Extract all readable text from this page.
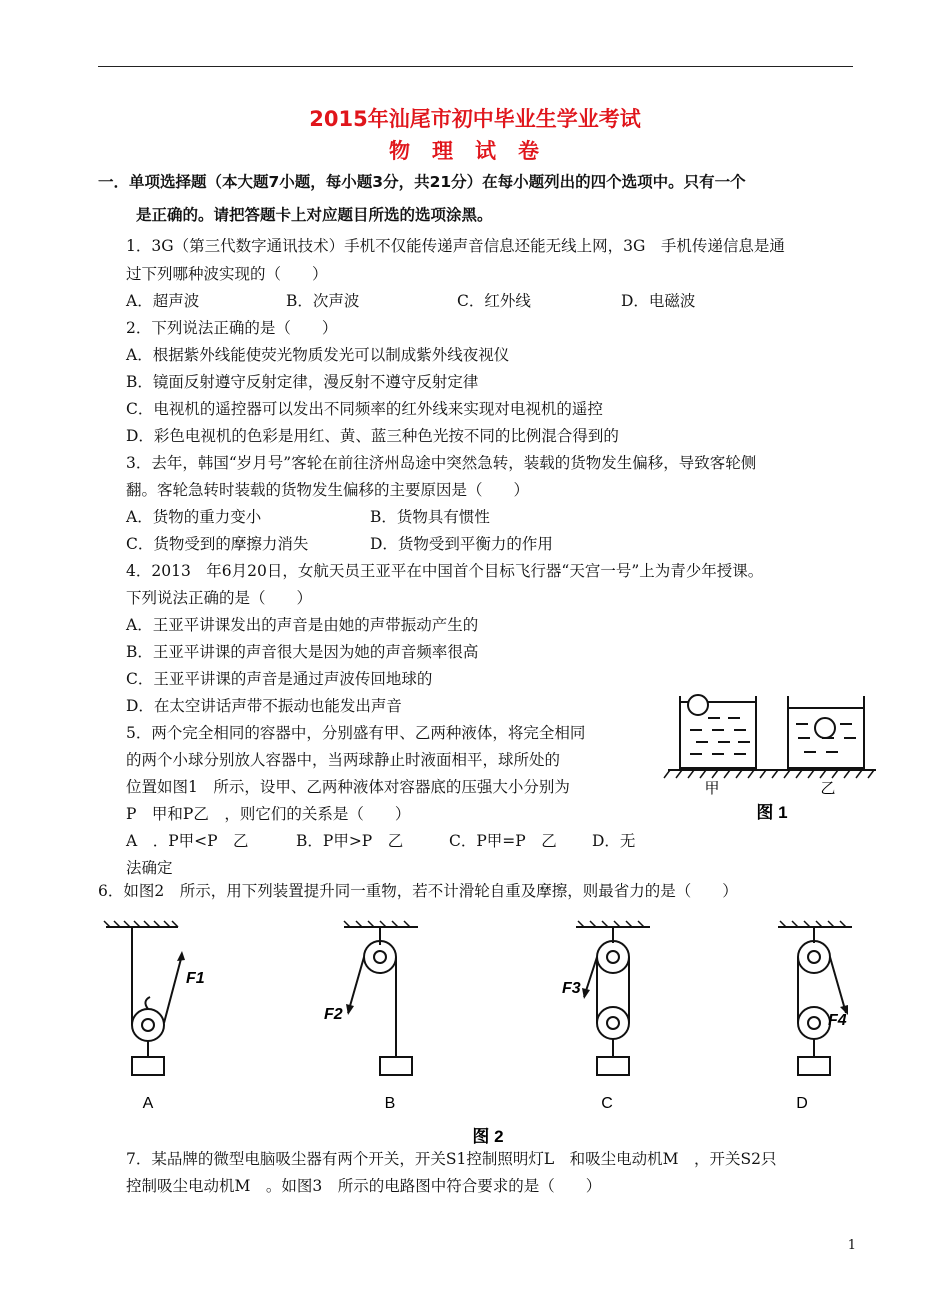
2015年汕尾市初中毕业生学业考试
物理试卷
一．单项选择题（本大题7小题，每小题3分，共21分）在每小题列出的四个选项中。只有一个
是正确的。请把答题卡上对应题目所选的选项涂黑。
1．3G（第三代数字通讯技术）手机不仅能传递声音信息还能无线上网，3G　手机传递信息是通
过下列哪种波实现的（　　）
A．超声波	B．次声波	C．红外线	D．电磁波
2．下列说法正确的是（　　）
A．根据紫外线能使荧光物质发光可以制成紫外线夜视仪
B．镜面反射遵守反射定律，漫反射不遵守反射定律
C．电视机的遥控器可以发出不同频率的红外线来实现对电视机的遥控
D．彩色电视机的色彩是用红、黄、蓝三种色光按不同的比例混合得到的
3．去年，韩国“岁月号”客轮在前往济州岛途中突然急转，装载的货物发生偏移，导致客轮侧
翻。客轮急转时装载的货物发生偏移的主要原因是（　　）
A．货物的重力变小	B．货物具有惯性
C．货物受到的摩擦力消失	D．货物受到平衡力的作用
4．2013　年6月20日，女航天员王亚平在中国首个目标飞行器“天宫一号”上为青少年授课。
下列说法正确的是（　　）
A．王亚平讲课发出的声音是由她的声带振动产生的
B．王亚平讲课的声音很大是因为她的声音频率很高
C．王亚平讲课的声音是通过声波传回地球的
D．在太空讲话声带不振动也能发出声音
5．两个完全相同的容器中，分别盛有甲、乙两种液体，将完全相同
的两个小球分别放人容器中，当两球静止时液面相平，球所处的
位置如图1　所示，设甲、乙两种液体对容器底的压强大小分别为
P　甲和P乙　，则它们的关系是（　　）
A　．P甲<P　乙	B．P甲>P　乙	C．P甲=P　乙 D．无
法确定
甲	乙
图 1
6．如图2　所示，用下列装置提升同一重物，若不计滑轮自重及摩擦，则最省力的是（　　）
F1
F2
F3
F4
A	B	C	D
图 2
7．某品牌的微型电脑吸尘器有两个开关，开关S1控制照明灯L　和吸尘电动机M　，开关S2只
控制吸尘电动机M　。如图3　所示的电路图中符合要求的是（　　）
1
